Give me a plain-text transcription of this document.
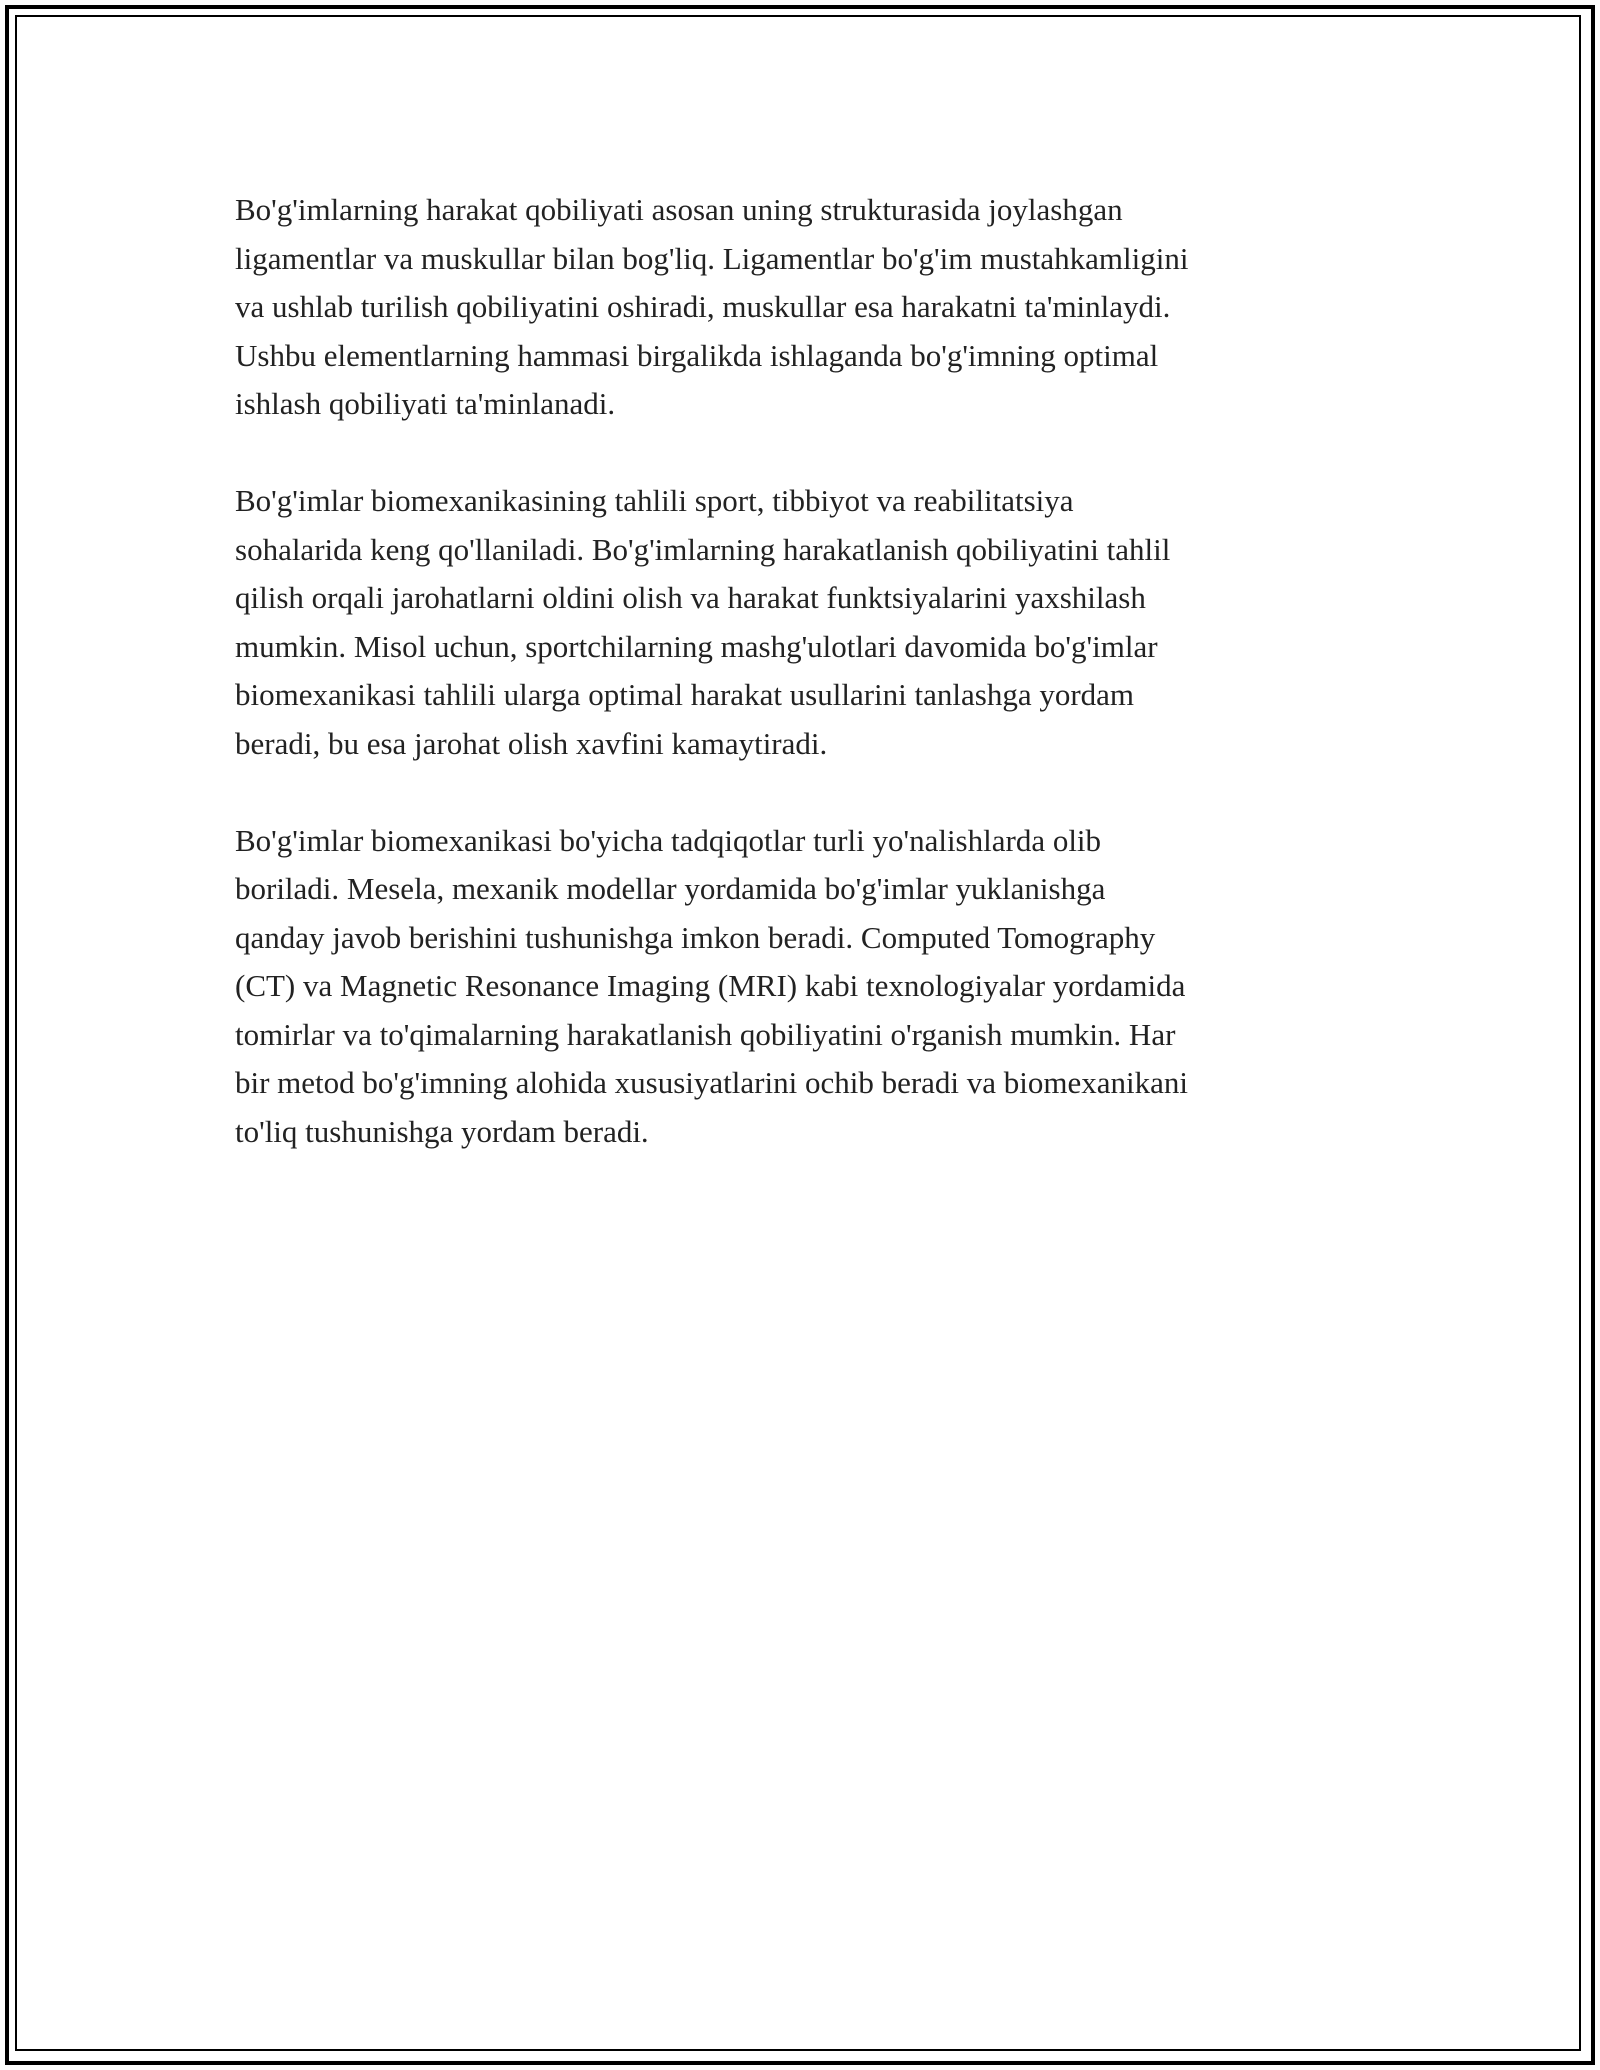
Bo'g'imlarning harakat qobiliyati asosan uning strukturasida joylashgan
ligamentlar va muskullar bilan bog'liq. Ligamentlar bo'g'im mustahkamligini
va ushlab turilish qobiliyatini oshiradi, muskullar esa harakatni ta'minlaydi.
Ushbu elementlarning hammasi birgalikda ishlaganda bo'g'imning optimal
ishlash qobiliyati ta'minlanadi.

Bo'g'imlar biomexanikasining tahlili sport, tibbiyot va reabilitatsiya
sohalarida keng qo'llaniladi. Bo'g'imlarning harakatlanish qobiliyatini tahlil
qilish orqali jarohatlarni oldini olish va harakat funktsiyalarini yaxshilash
mumkin. Misol uchun, sportchilarning mashg'ulotlari davomida bo'g'imlar
biomexanikasi tahlili ularga optimal harakat usullarini tanlashga yordam
beradi, bu esa jarohat olish xavfini kamaytiradi.

Bo'g'imlar biomexanikasi bo'yicha tadqiqotlar turli yo'nalishlarda olib
boriladi. Mesela, mexanik modellar yordamida bo'g'imlar yuklanishga
qanday javob berishini tushunishga imkon beradi. Computed Tomography
(CT) va Magnetic Resonance Imaging (MRI) kabi texnologiyalar yordamida
tomirlar va to'qimalarning harakatlanish qobiliyatini o'rganish mumkin. Har
bir metod bo'g'imning alohida xususiyatlarini ochib beradi va biomexanikani
to'liq tushunishga yordam beradi.
